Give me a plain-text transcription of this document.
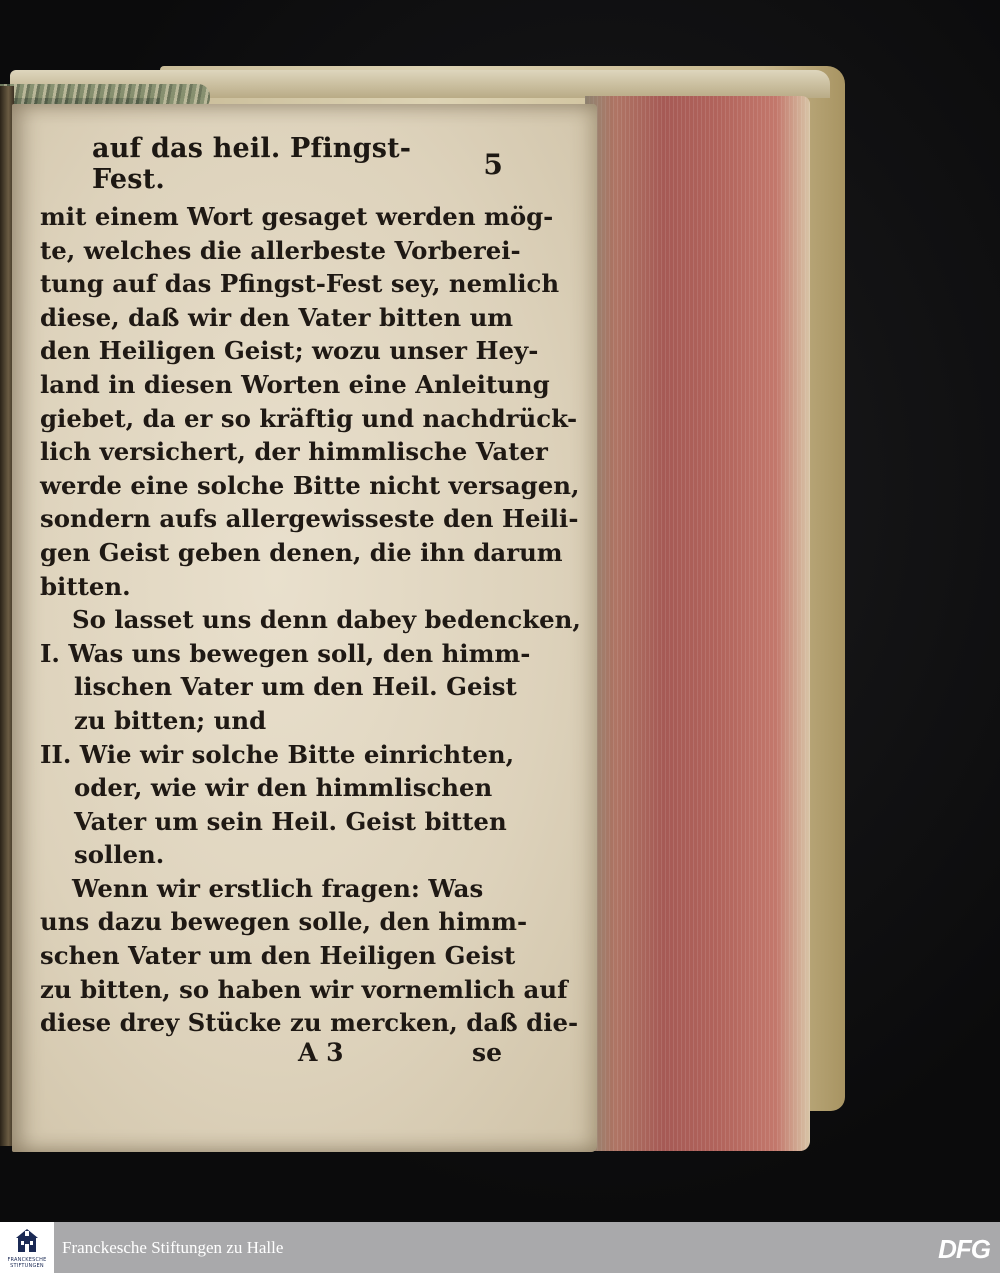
auf das heil. Pfingst-Fest.	5
mit einem Wort gesaget werden mög-
te, welches die allerbeste Vorberei-
tung auf das Pfingst-Fest sey, nemlich
diese, daß wir den Vater bitten um
den Heiligen Geist; wozu unser Hey-
land in diesen Worten eine Anleitung
giebet, da er so kräftig und nachdrück-
lich versichert, der himmlische Vater
werde eine solche Bitte nicht versagen,
sondern aufs allergewisseste den Heili-
gen Geist geben denen, die ihn darum
bitten.
So lasset uns denn dabey bedencken,
I. Was uns bewegen soll, den himm-
lischen Vater um den Heil. Geist
zu bitten; und
II. Wie wir solche Bitte einrichten,
oder, wie wir den himmlischen
Vater um sein Heil. Geist bitten
sollen.
Wenn wir erstlich fragen: Was
uns dazu bewegen solle, den himm-
schen Vater um den Heiligen Geist
zu bitten, so haben wir vornemlich auf
diese drey Stücke zu mercken, daß die-
A 3	se
FRANCKESCHE
STIFTUNGEN
Franckesche Stiftungen zu Halle	DFG
